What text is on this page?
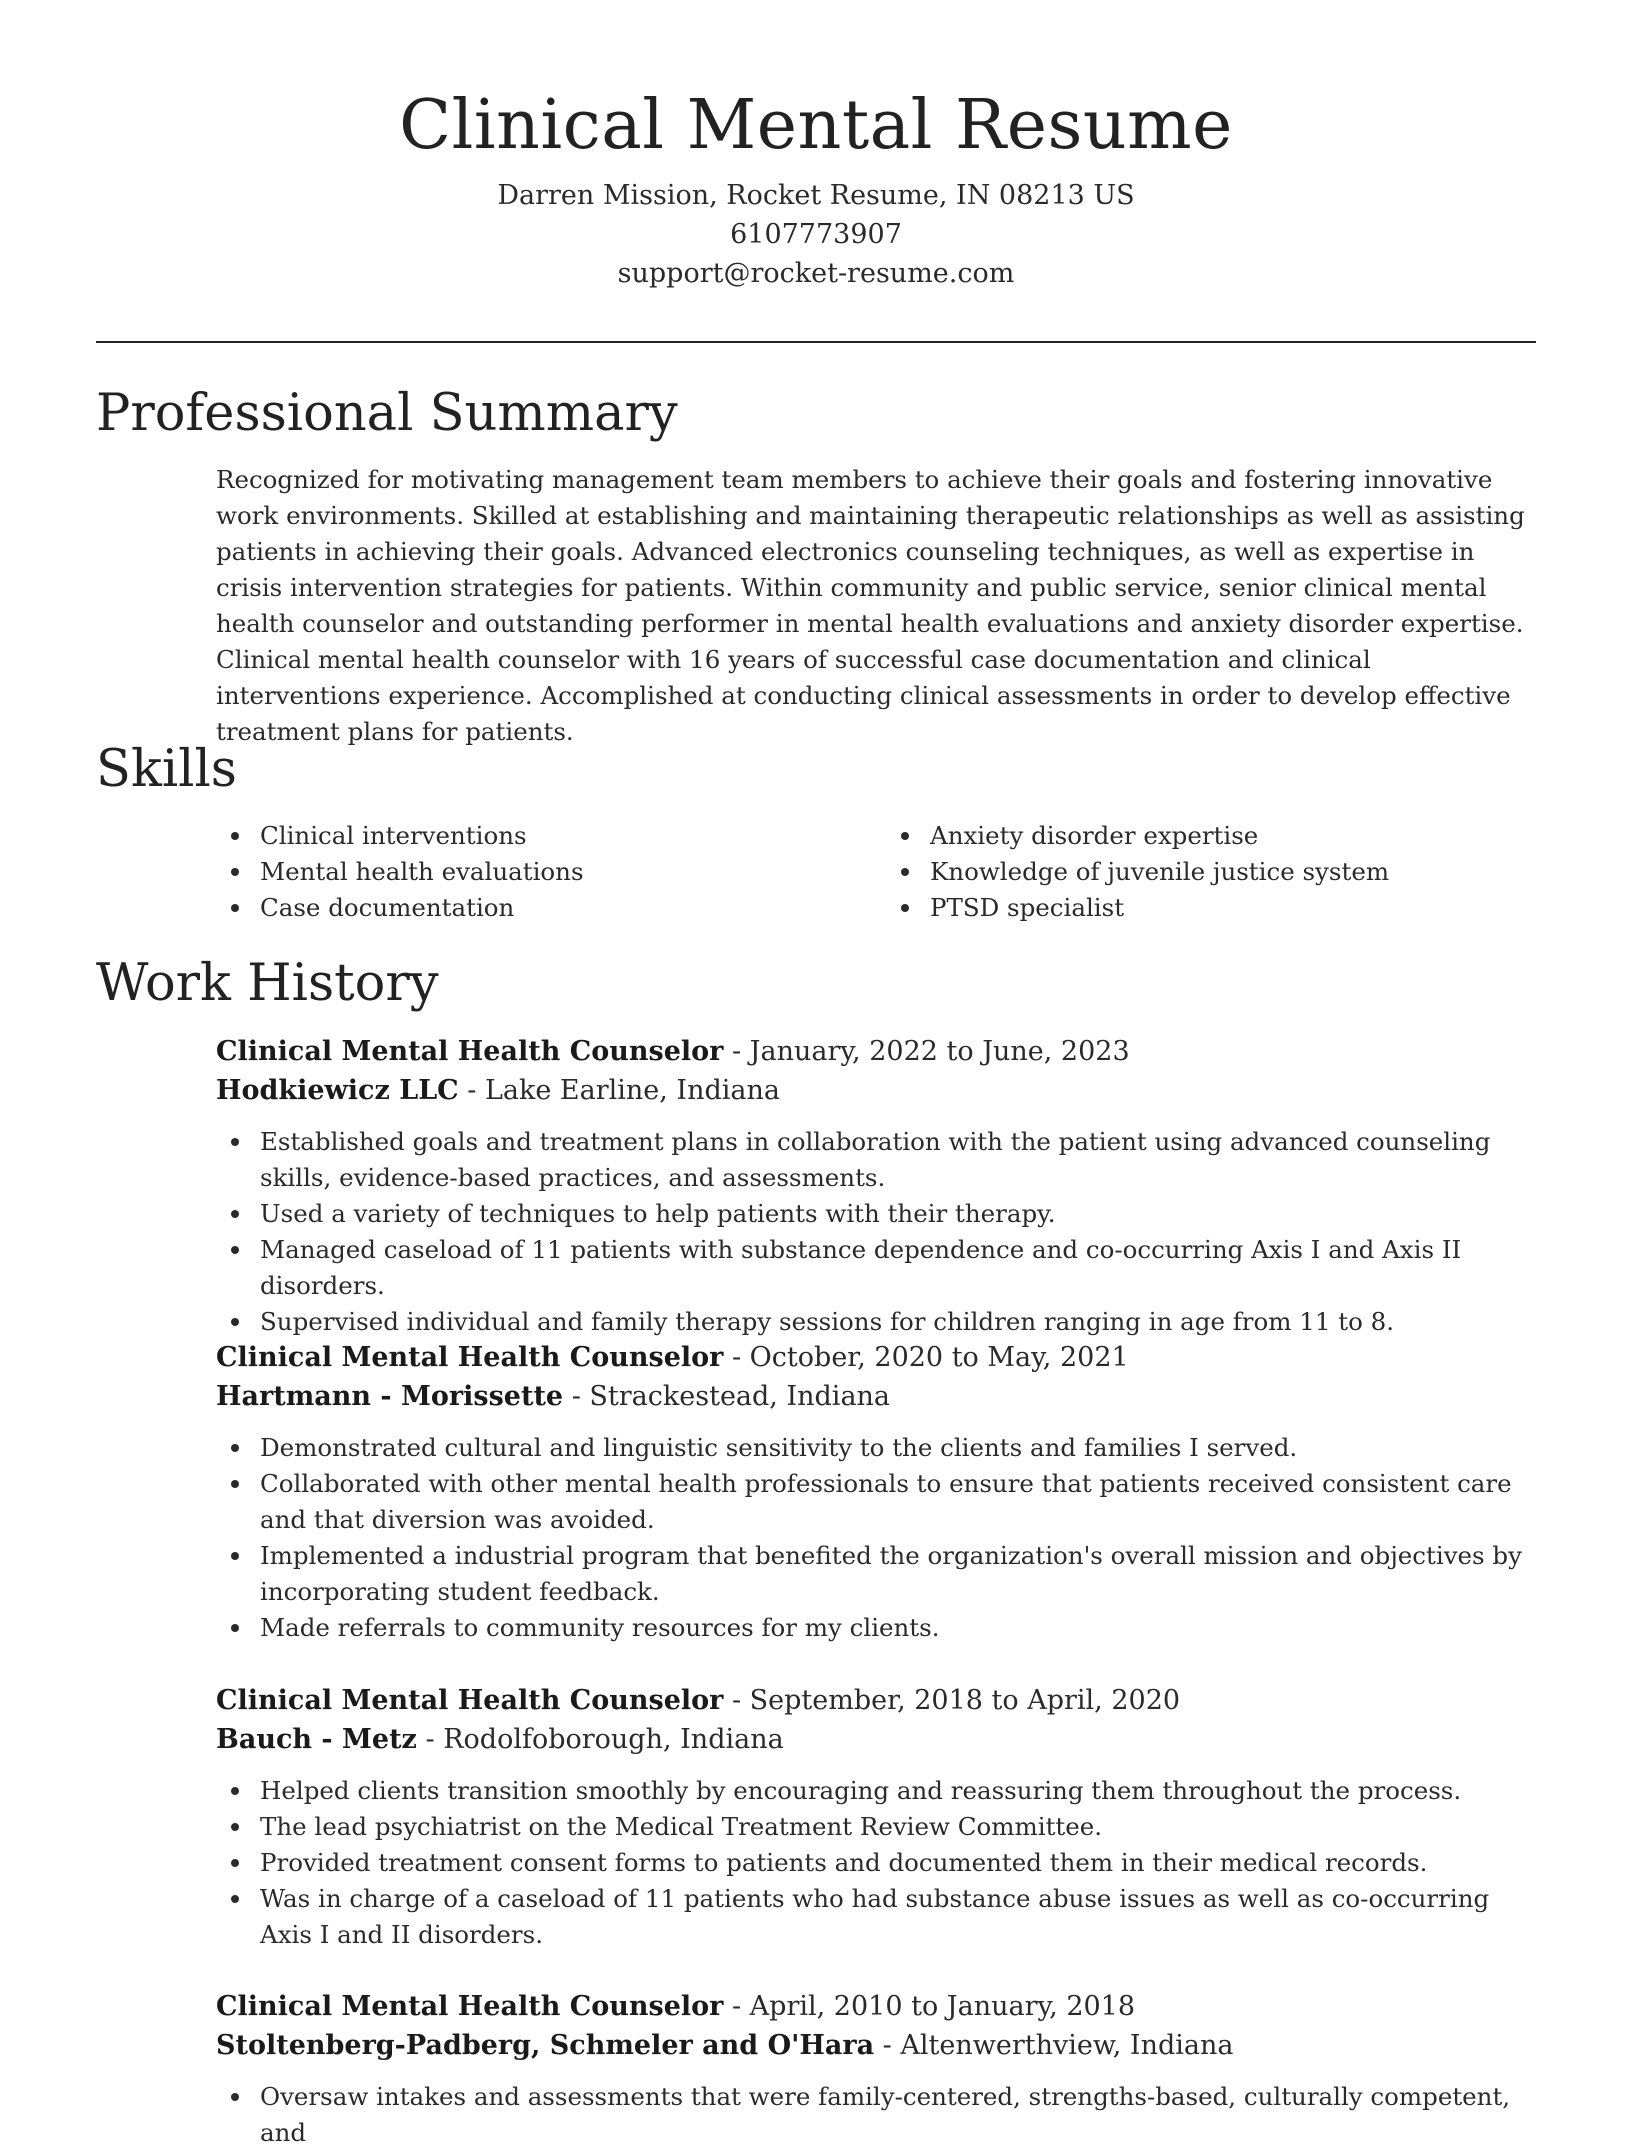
Clinical Mental Resume
Darren Mission, Rocket Resume, IN 08213 US
6107773907
support@rocket-resume.com
Professional Summary

Recognized for motivating management team members to achieve their goals and fostering innovative work environments. Skilled at establishing and maintaining therapeutic relationships as well as assisting patients in achieving their goals. Advanced electronics counseling techniques, as well as expertise in crisis intervention strategies for patients. Within community and public service, senior clinical mental health counselor and outstanding performer in mental health evaluations and anxiety disorder expertise. Clinical mental health counselor with 16 years of successful case documentation and clinical interventions experience. Accomplished at conducting clinical assessments in order to develop effective treatment plans for patients.

Skills
Clinical interventions
Mental health evaluations
Case documentation
Anxiety disorder expertise
Knowledge of juvenile justice system
PTSD specialist
Work History
Clinical Mental Health Counselor - January, 2022 to June, 2023
Hodkiewicz LLC - Lake Earline, Indiana
Established goals and treatment plans in collaboration with the patient using advanced counseling skills, evidence-based practices, and assessments.
Used a variety of techniques to help patients with their therapy.
Managed caseload of 11 patients with substance dependence and co-occurring Axis I and Axis II disorders.
Supervised individual and family therapy sessions for children ranging in age from 11 to 8.
Clinical Mental Health Counselor - October, 2020 to May, 2021
Hartmann - Morissette - Strackestead, Indiana
Demonstrated cultural and linguistic sensitivity to the clients and families I served.
Collaborated with other mental health professionals to ensure that patients received consistent care and that diversion was avoided.
Implemented a industrial program that benefited the organization's overall mission and objectives by incorporating student feedback.
Made referrals to community resources for my clients.
Clinical Mental Health Counselor - September, 2018 to April, 2020
Bauch - Metz - Rodolfoborough, Indiana
Helped clients transition smoothly by encouraging and reassuring them throughout the process.
The lead psychiatrist on the Medical Treatment Review Committee.
Provided treatment consent forms to patients and documented them in their medical records.
Was in charge of a caseload of 11 patients who had substance abuse issues as well as co-occurring Axis I and II disorders.
Clinical Mental Health Counselor - April, 2010 to January, 2018
Stoltenberg-Padberg, Schmeler and O'Hara - Altenwerthview, Indiana
Oversaw intakes and assessments that were family-centered, strengths-based, culturally competent, and
